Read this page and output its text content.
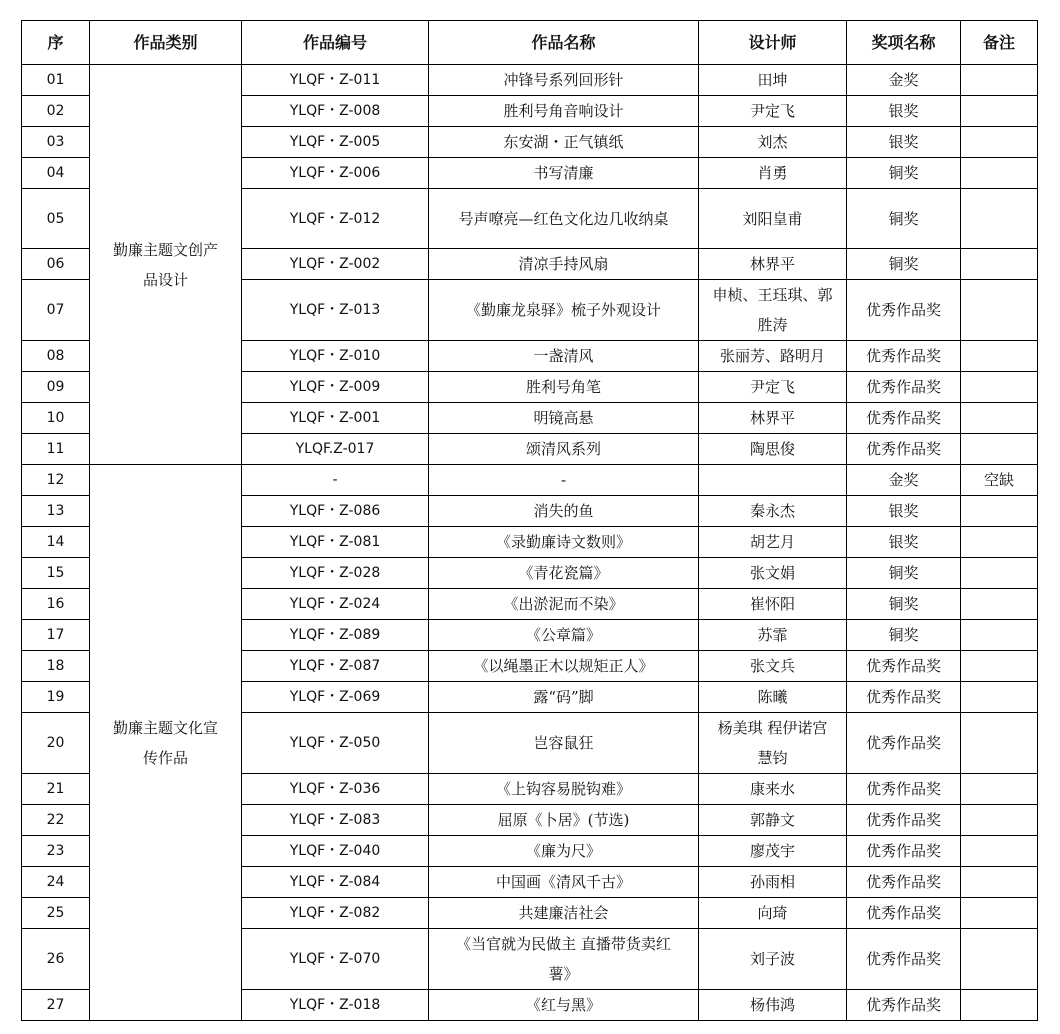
序	作品类别	作品编号	作品名称	设计师	奖项名称	备注
01	勤廉主题文创产品设计	YLQF・Z-011	冲锋号系列回形针	田坤	金奖	
02		YLQF・Z-008	胜利号角音响设计	尹定飞	银奖	
03		YLQF・Z-005	东安湖・正气镇纸	刘杰	银奖	
04		YLQF・Z-006	书写清廉	肖勇	铜奖	
05		YLQF・Z-012	号声嘹亮—红色文化边几收纳桌	刘阳皇甫	铜奖	
06		YLQF・Z-002	清凉手持风扇	林界平	铜奖	
07		YLQF・Z-013	《勤廉龙泉驿》梳子外观设计	申桢、王珏琪、郭胜涛	优秀作品奖	
08		YLQF・Z-010	一盏清风	张丽芳、路明月	优秀作品奖	
09		YLQF・Z-009	胜利号角笔	尹定飞	优秀作品奖	
10		YLQF・Z-001	明镜高悬	林界平	优秀作品奖	
11		YLQF.Z-017	颂清风系列	陶思俊	优秀作品奖	
12	勤廉主题文化宣传作品	-	-		金奖	空缺
13		YLQF・Z-086	消失的鱼	秦永杰	银奖	
14		YLQF・Z-081	《录勤廉诗文数则》	胡艺月	银奖	
15		YLQF・Z-028	《青花瓷篇》	张文娟	铜奖	
16		YLQF・Z-024	《出淤泥而不染》	崔怀阳	铜奖	
17		YLQF・Z-089	《公章篇》	苏霏	铜奖	
18		YLQF・Z-087	《以绳墨正木以规矩正人》	张文兵	优秀作品奖	
19		YLQF・Z-069	露“码”脚	陈曦	优秀作品奖	
20		YLQF・Z-050	岂容鼠狂	杨美琪 程伊诺宫慧钧	优秀作品奖	
21		YLQF・Z-036	《上钩容易脱钩难》	康来水	优秀作品奖	
22		YLQF・Z-083	屈原《卜居》(节选)	郭静文	优秀作品奖	
23		YLQF・Z-040	《廉为尺》	廖茂宇	优秀作品奖	
24		YLQF・Z-084	中国画《清风千古》	孙雨相	优秀作品奖	
25		YLQF・Z-082	共建廉洁社会	向琦	优秀作品奖	
26		YLQF・Z-070	《当官就为民做主 直播带货卖红薯》	刘子波	优秀作品奖	
27		YLQF・Z-018	《红与黑》	杨伟鸿	优秀作品奖	
